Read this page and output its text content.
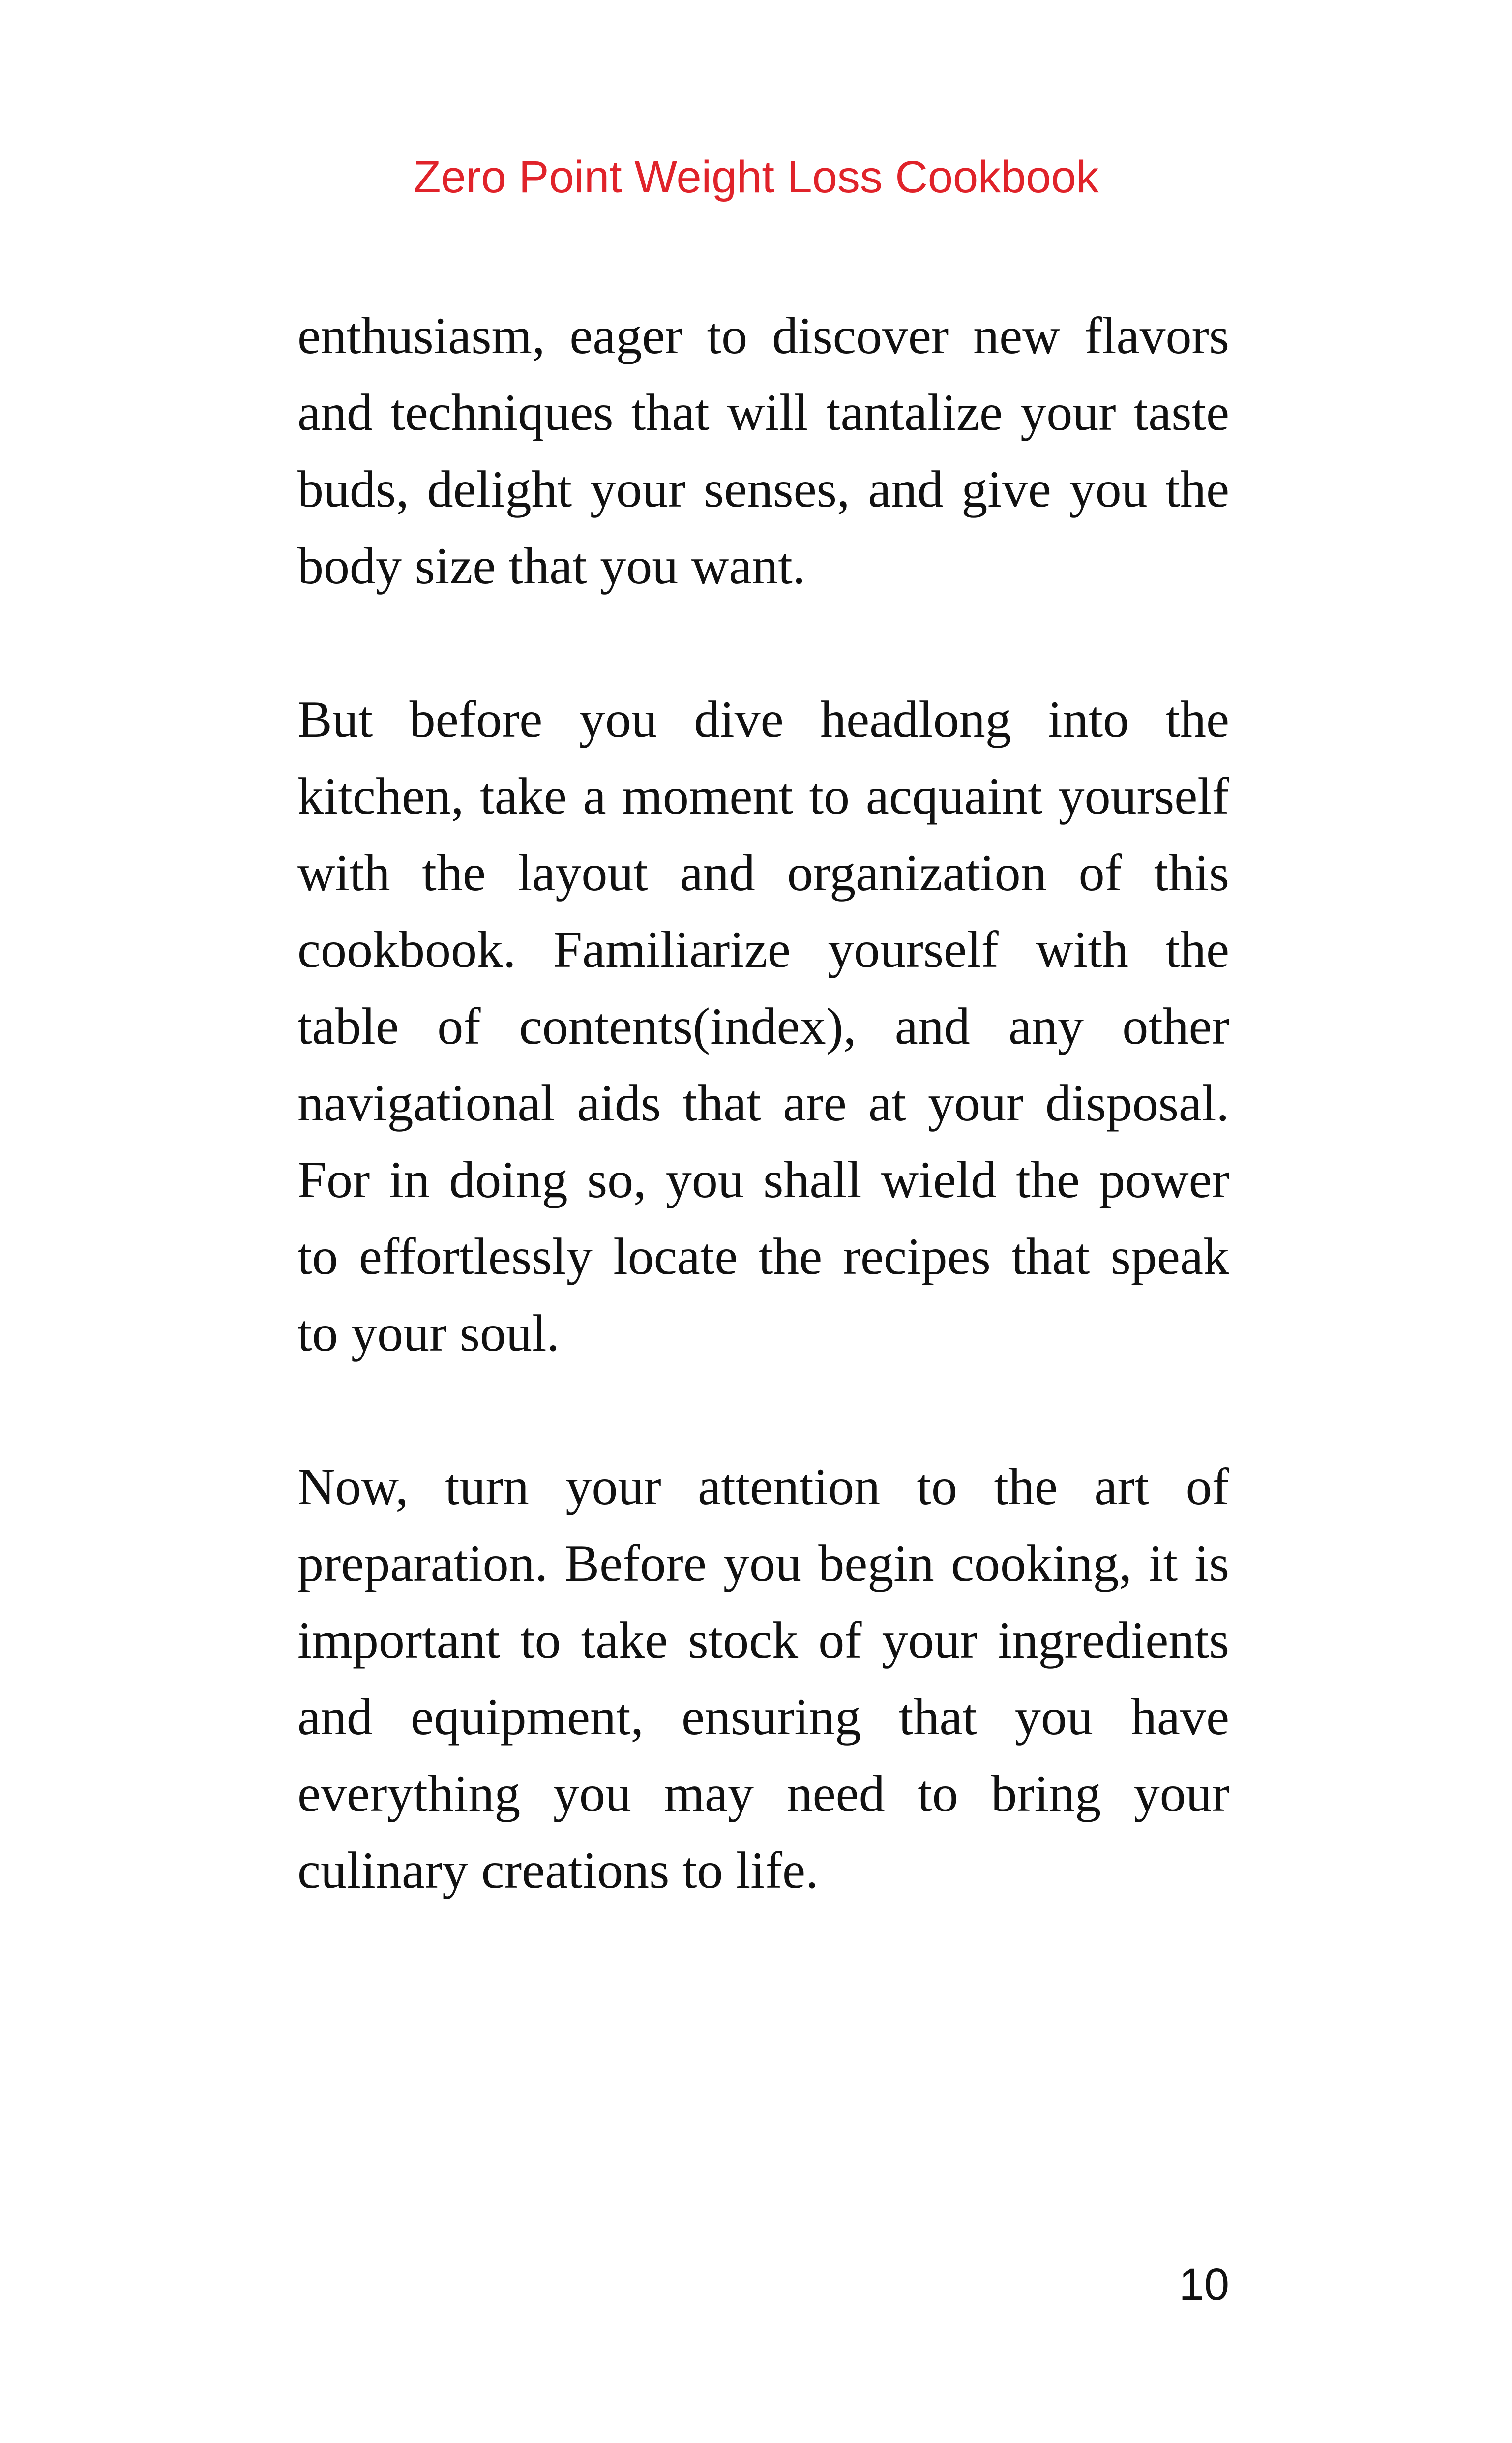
Zero Point Weight Loss Cookbook

enthusiasm, eager to discover new flavors and techniques that will tantalize your taste buds, delight your senses, and give you the body size that you want.

But before you dive headlong into the kitchen, take a moment to acquaint yourself with the layout and organization of this cookbook. Familiarize yourself with the table of contents(index), and any other navigational aids that are at your disposal. For in doing so, you shall wield the power to effortlessly locate the recipes that speak to your soul.

Now, turn your attention to the art of preparation. Before you begin cooking, it is important to take stock of your ingredients and equipment, ensuring that you have everything you may need to bring your culinary creations to life.

10
